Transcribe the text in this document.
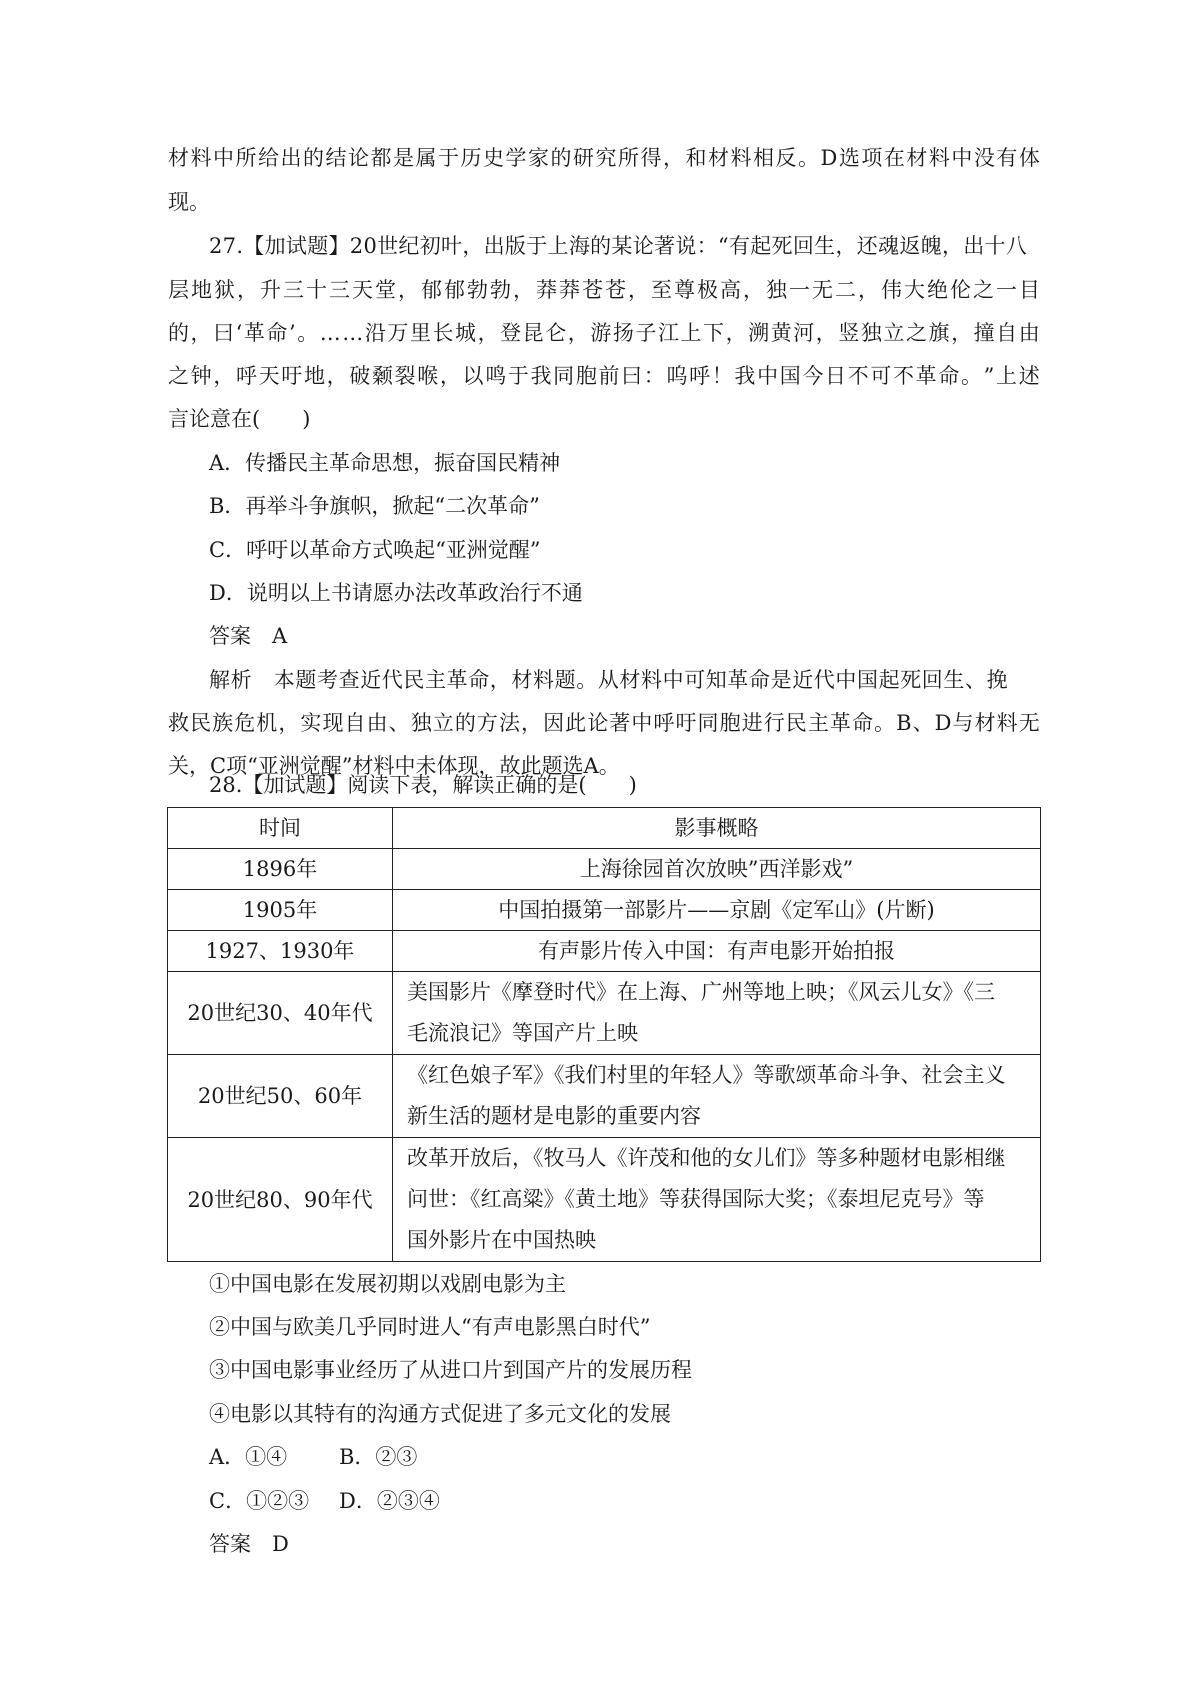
材 料 中 所 给 出 的 结 论 都 是 属 于 历 史 学 家 的 研 究 所 得 ， 和 材 料 相 反 。 D 选 项 在 材 料 中 没 有 体
现。
27.【加试题】20世纪初叶，出版于上海的某论著说：“有起死回生，还魂返魄，出十八
层 地 狱 ， 升 三 十 三 天 堂 ， 郁 郁 勃 勃 ， 莽 莽 苍 苍 ， 至 尊 极 高 ， 独 一 无 二 ， 伟 大 绝 伦 之 一 目
的 ， 曰 ‘ 革 命 ’ 。 … … 沿 万 里 长 城 ， 登 昆 仑 ， 游 扬 子 江 上 下 ， 溯 黄 河 ， 竖 独 立 之 旗 ， 撞 自 由
之 钟 ， 呼 天 吁 地 ， 破 颡 裂 喉 ， 以 鸣 于 我 同 胞 前 曰 ： 呜 呼 ！ 我 中 国 今 日 不 可 不 革 命 。 ” 上 述
言论意在(　　)
A．传播民主革命思想，振奋国民精神
B．再举斗争旗帜，掀起“二次革命”
C．呼吁以革命方式唤起“亚洲觉醒”
D．说明以上书请愿办法改革政治行不通
答案　A
解析　本题考查近代民主革命，材料题。从材料中可知革命是近代中国起死回生、挽
救 民 族 危 机 ， 实 现 自 由 、 独 立 的 方 法 ， 因 此 论 著 中 呼 吁 同 胞 进 行 民 主 革 命 。 B 、 D 与 材 料 无
关，C项“亚洲觉醒”材料中未体现，故此题选A。
28.【加试题】阅读下表，解读正确的是(　　)
时间	影事概略
1896年	上海徐园首次放映”西洋影戏”

1905年	中国拍摄第一部影片——京剧《定军山》(片断)

1927、1930年	有声影片传入中国：有声电影开始拍报

20世纪30、40年代	美国影片《摩登时代》在上海、广州等地上映；《风云儿女》《三
毛流浪记》等国产片上映

20世纪50、60年	《红色娘子军》《我们村里的年轻人》等歌颂革命斗争、社会主义
新生活的题材是电影的重要内容

20世纪80、90年代	改革开放后，《牧马人《许茂和他的女儿们》等多种题材电影相继
问世：《红高粱》《黄土地》等获得国际大奖；《泰坦尼克号》等
国外影片在中国热映
①中国电影在发展初期以戏剧电影为主
②中国与欧美几乎同时进人“有声电影黑白时代”
③中国电影事业经历了从进口片到国产片的发展历程
④电影以其特有的沟通方式促进了多元文化的发展
A．①④ B．②③
C．①②③ D．②③④
答案　D
